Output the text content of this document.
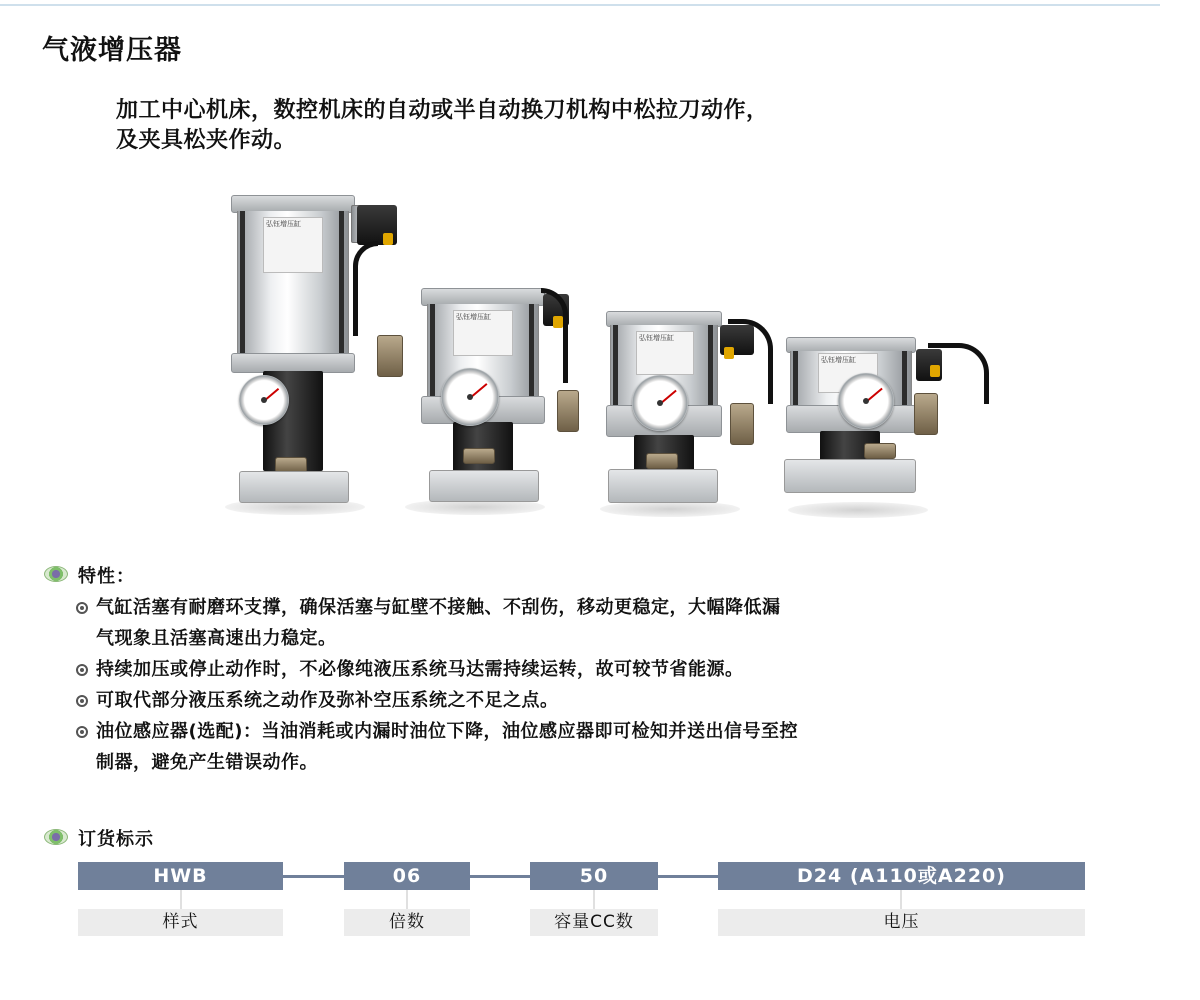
气液增压器
加工中心机床，数控机床的自动或半自动换刀机构中松拉刀动作，
及夹具松夹作动。
弘钰增压缸
弘钰增压缸
弘钰增压缸
弘钰增压缸
特性：
气缸活塞有耐磨环支撑，确保活塞与缸壁不接触、不刮伤，移动更稳定，大幅降低漏
气现象且活塞高速出力稳定。
持续加压或停止动作时，不必像纯液压系统马达需持续运转，故可较节省能源。
可取代部分液压系统之动作及弥补空压系统之不足之点。
油位感应器(选配)：当油消耗或内漏时油位下降，油位感应器即可检知并送出信号至控
制器，避免产生错误动作。
订货标示
HWB	06	50	D24 (A110或A220)
样式	倍数	容量CC数	电压
